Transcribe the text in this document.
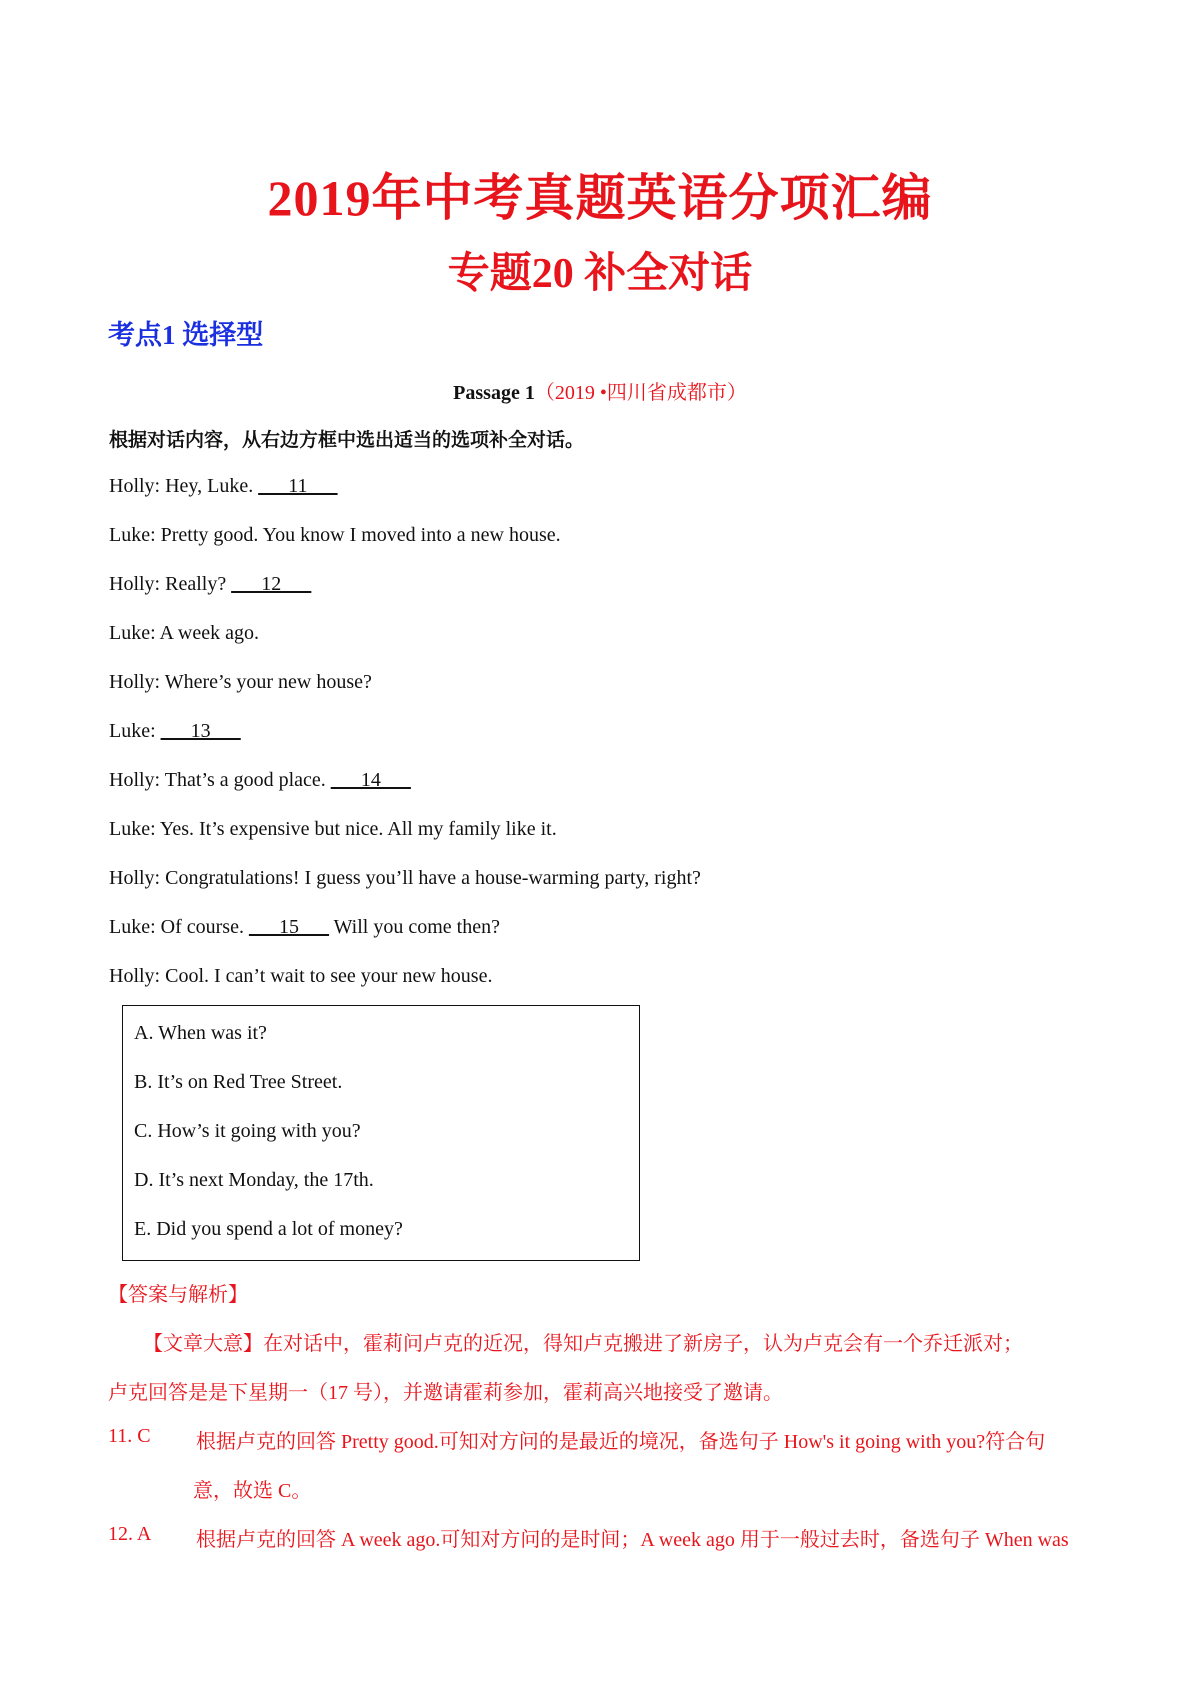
2019年中考真题英语分项汇编
专题20 补全对话
考点1 选择型
Passage 1（2019 •四川省成都市）
根据对话内容，从右边方框中选出适当的选项补全对话。
Holly: Hey, Luke. ___11___
Luke: Pretty good. You know I moved into a new house.
Holly: Really? ___12___
Luke: A week ago.
Holly: Where’s your new house?
Luke: ___13___
Holly: That’s a good place. ___14___
Luke: Yes. It’s expensive but nice. All my family like it.
Holly: Congratulations! I guess you’ll have a house-warming party, right?
Luke: Of course. ___15___ Will you come then?
Holly: Cool. I can’t wait to see your new house.
A. When was it?
B. It’s on Red Tree Street.
C. How’s it going with you?
D. It’s next Monday, the 17th.
E. Did you spend a lot of money?
【答案与解析】
【文章大意】在对话中，霍莉问卢克的近况，得知卢克搬进了新房子，认为卢克会有一个乔迁派对；
卢克回答是是下星期一（17 号），并邀请霍莉参加，霍莉高兴地接受了邀请。
11. C 根据卢克的回答 Pretty good.可知对方问的是最近的境况，备选句子 How's it going with you?符合句
意，故选 C。
12. A 根据卢克的回答 A week ago.可知对方问的是时间；A week ago 用于一般过去时，备选句子 When was
